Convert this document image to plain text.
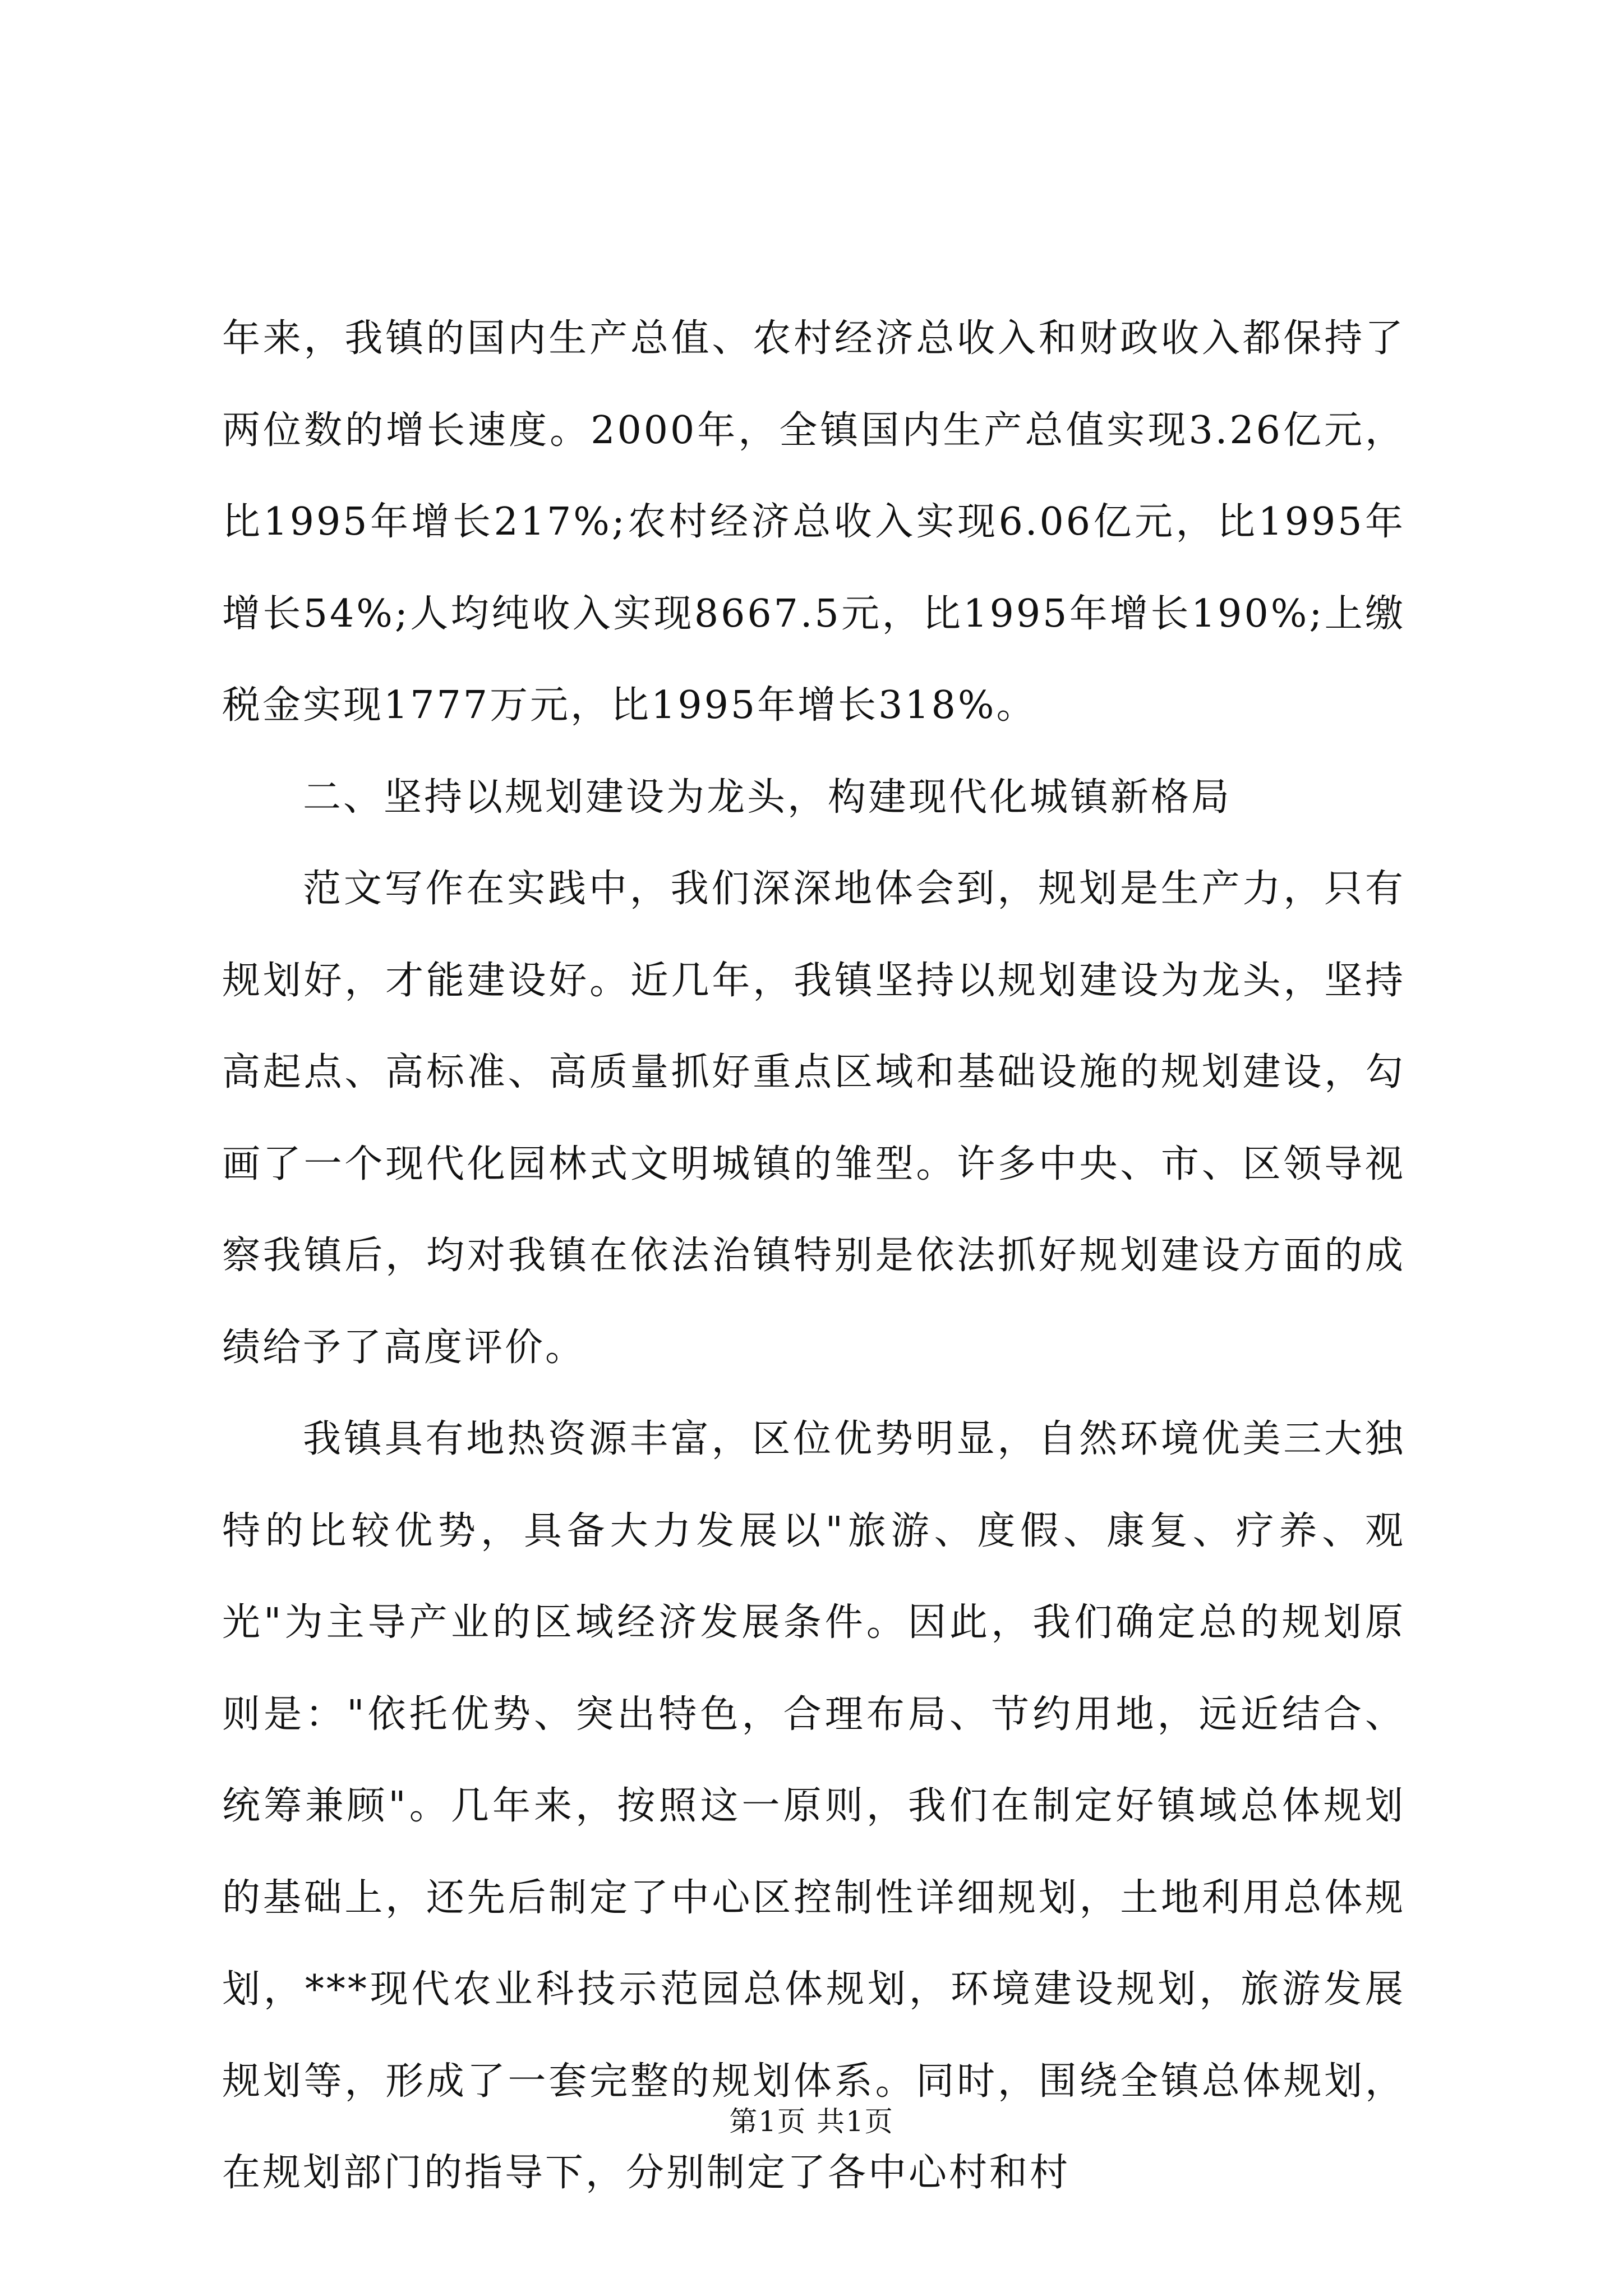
年来，我镇的国内生产总值、农村经济总收入和财政收入都保持了两位数的增长速度。2000年，全镇国内生产总值实现3.26亿元，比1995年增长217%;农村经济总收入实现6.06亿元，比1995年增长54%;人均纯收入实现8667.5元，比1995年增长190%;上缴税金实现1777万元，比1995年增长318%。

二、坚持以规划建设为龙头，构建现代化城镇新格局

范文写作在实践中，我们深深地体会到，规划是生产力，只有规划好，才能建设好。近几年，我镇坚持以规划建设为龙头，坚持高起点、高标准、高质量抓好重点区域和基础设施的规划建设，勾画了一个现代化园林式文明城镇的雏型。许多中央、市、区领导视察我镇后，均对我镇在依法治镇特别是依法抓好规划建设方面的成绩给予了高度评价。

我镇具有地热资源丰富，区位优势明显，自然环境优美三大独特的比较优势，具备大力发展以"旅游、度假、康复、疗养、观光"为主导产业的区域经济发展条件。因此，我们确定总的规划原则是："依托优势、突出特色，合理布局、节约用地，远近结合、统筹兼顾"。几年来，按照这一原则，我们在制定好镇域总体规划的基础上，还先后制定了中心区控制性详细规划，土地利用总体规划，***现代农业科技示范园总体规划，环境建设规划，旅游发展规划等，形成了一套完整的规划体系。同时，围绕全镇总体规划，在规划部门的指导下，分别制定了各中心村和村

第1页 共1页
